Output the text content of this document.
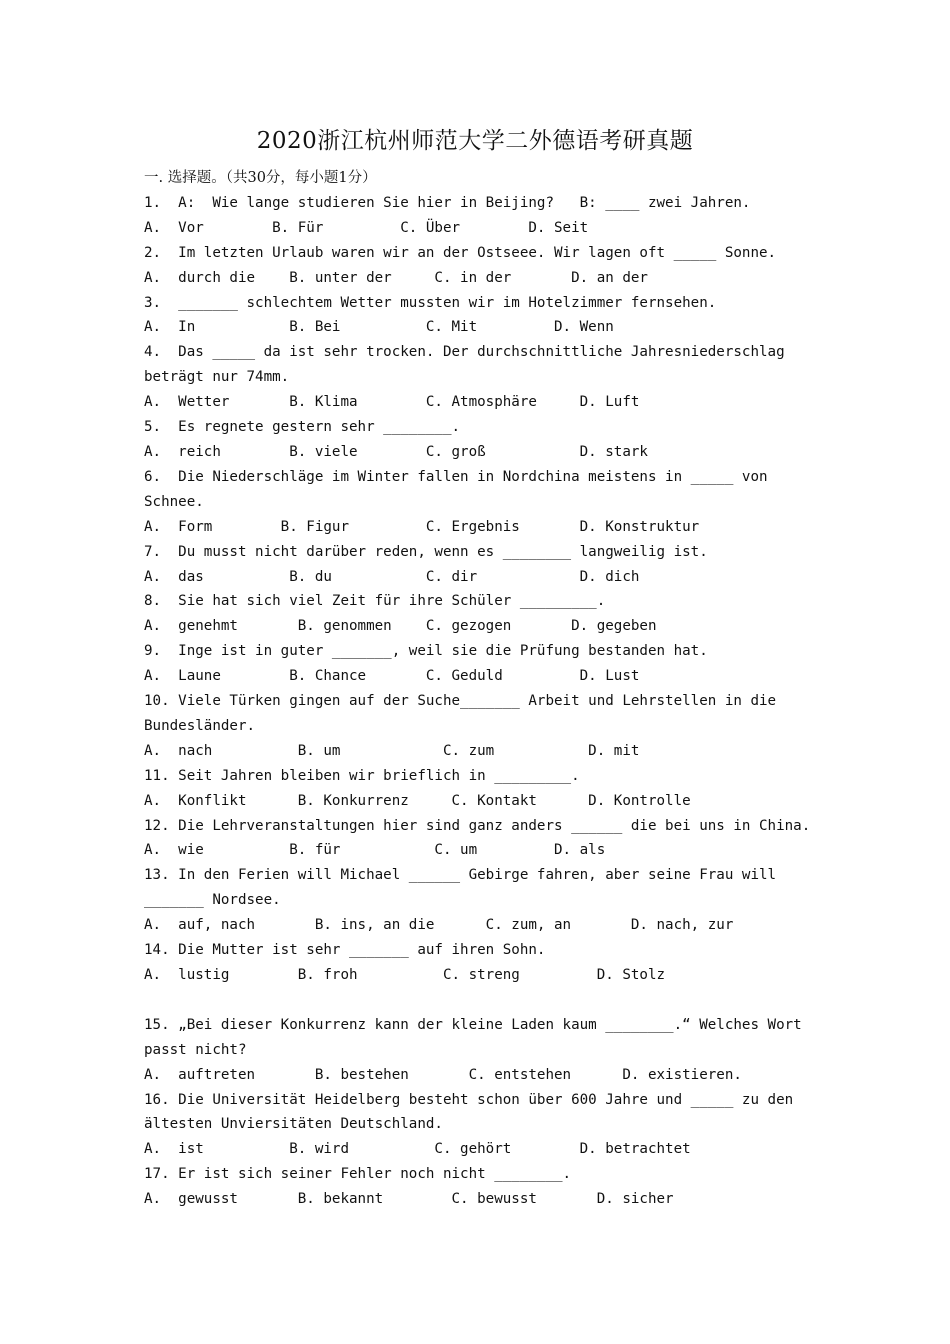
2020浙江杭州师范大学二外德语考研真题
一. 选择题。（共30分，每小题1分）
1.  A:  Wie lange studieren Sie hier in Beijing?   B: ____ zwei Jahren.
A.  Vor        B. Für         C. Über        D. Seit
2.  Im letzten Urlaub waren wir an der Ostseee. Wir lagen oft _____ Sonne.
A.  durch die    B. unter der     C. in der       D. an der
3.  _______ schlechtem Wetter mussten wir im Hotelzimmer fernsehen.
A.  In           B. Bei          C. Mit         D. Wenn
4.  Das _____ da ist sehr trocken. Der durchschnittliche Jahresniederschlag
beträgt nur 74mm.
A.  Wetter       B. Klima        C. Atmosphäre     D. Luft
5.  Es regnete gestern sehr ________.
A.  reich        B. viele        C. groß           D. stark
6.  Die Niederschläge im Winter fallen in Nordchina meistens in _____ von
Schnee.
A.  Form        B. Figur         C. Ergebnis       D. Konstruktur
7.  Du musst nicht darüber reden, wenn es ________ langweilig ist.
A.  das          B. du           C. dir            D. dich
8.  Sie hat sich viel Zeit für ihre Schüler _________.
A.  genehmt       B. genommen    C. gezogen       D. gegeben
9.  Inge ist in guter _______, weil sie die Prüfung bestanden hat.
A.  Laune        B. Chance       C. Geduld         D. Lust
10. Viele Türken gingen auf der Suche_______ Arbeit und Lehrstellen in die
Bundesländer.
A.  nach          B. um            C. zum           D. mit
11. Seit Jahren bleiben wir brieflich in _________.
A.  Konflikt      B. Konkurrenz     C. Kontakt      D. Kontrolle
12. Die Lehrveranstaltungen hier sind ganz anders ______ die bei uns in China.
A.  wie          B. für           C. um         D. als
13. In den Ferien will Michael ______ Gebirge fahren, aber seine Frau will
_______ Nordsee.
A.  auf, nach       B. ins, an die      C. zum, an       D. nach, zur
14. Die Mutter ist sehr _______ auf ihren Sohn.
A.  lustig        B. froh          C. streng         D. Stolz
15. „Bei dieser Konkurrenz kann der kleine Laden kaum ________.“ Welches Wort
passt nicht?
A.  auftreten       B. bestehen       C. entstehen      D. existieren.
16. Die Universität Heidelberg besteht schon über 600 Jahre und _____ zu den
ältesten Unviersitäten Deutschland.
A.  ist          B. wird          C. gehört        D. betrachtet
17. Er ist sich seiner Fehler noch nicht ________.
A.  gewusst       B. bekannt        C. bewusst       D. sicher
